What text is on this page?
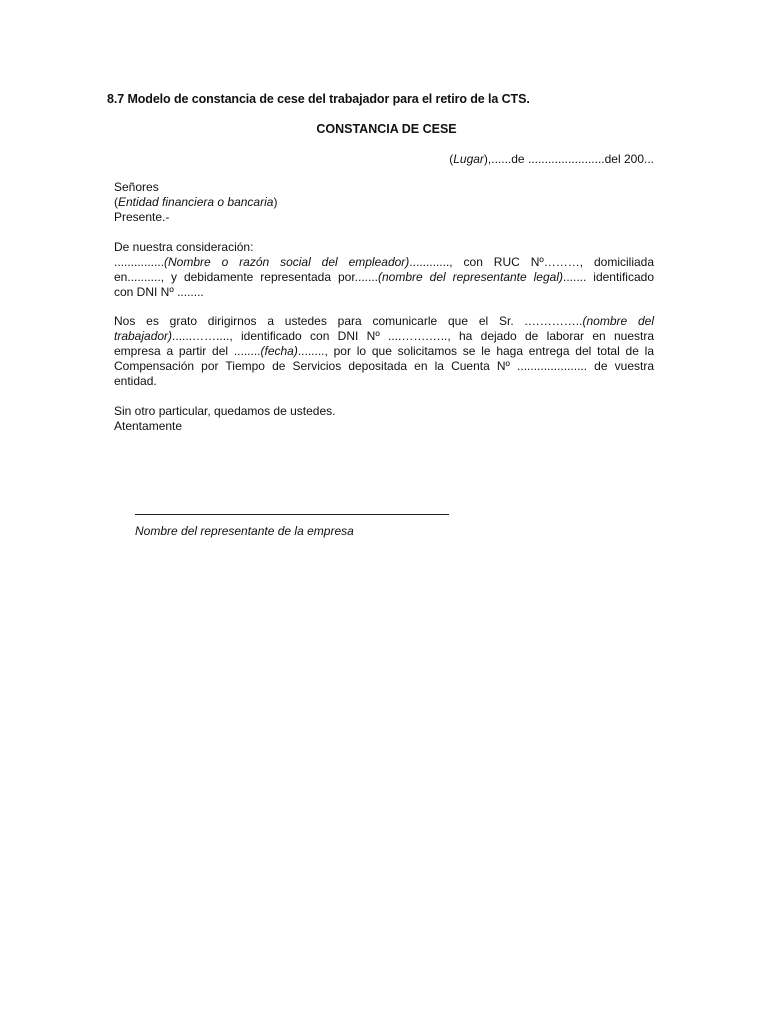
8.7 Modelo de constancia de cese del trabajador para el retiro de la CTS.
CONSTANCIA DE CESE
(Lugar),......de .......................del 200...
Señores
(Entidad financiera o bancaria)
Presente.-
De nuestra consideración:
...............(Nombre o razón social del empleador)............, con RUC Nº………, domiciliada
en.........., y debidamente representada por.......(nombre del representante legal)....... identificado
con DNI Nº ........
Nos es grato dirigirnos a ustedes para comunicarle que el Sr. .…………..(nombre del
trabajador)......……...., identificado con DNI Nº ....…….….., ha dejado de laborar en nuestra
empresa a partir del ........(fecha)........, por lo que solicitamos se le haga entrega del total de la
Compensación por Tiempo de Servicios depositada en la Cuenta Nº ..................... de vuestra
entidad.
Sin otro particular, quedamos de ustedes.
Atentamente
Nombre del representante de la empresa
